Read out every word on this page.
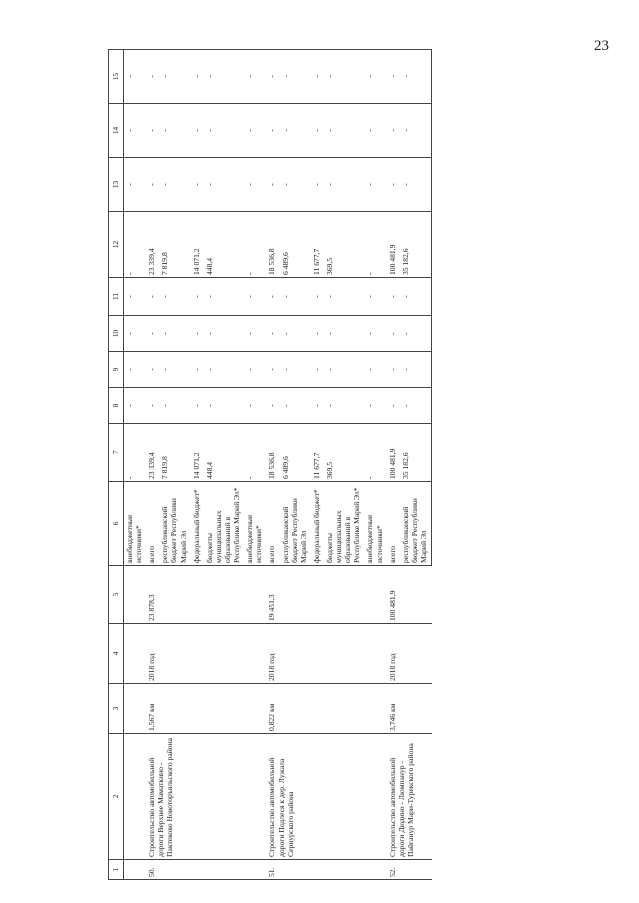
23
1	2	3	4	5	6	7	8	9	10	11	12	13	14	15
					внебюджетные источники*	-	-	-	-	-	-	-	-	-
50.	Строительство автомобильной дороги Верхнее Маматкино - Пактеково Новоторъяльского района	1,567 км	2018 год	23 878,3	всего	23 339,4	-	-	-	-	23 339,4	-	-	-
					республиканский бюджет Республики Марий Эл	7 819,8	-	-	-	-	7 819,8	-	-	-
					федеральный бюджет*	14 071,2	-	-	-	-	14 071,2	-	-	-
					бюджеты муниципальных образований в Республике Марий Эл*	448,4	-	-	-	-	448,4	-	-	-
					внебюджетные источники*	-	-	-	-	-	-	-	-	-
51.	Строительство автомобильной дороги Подлеся к дер. Лужала Сернурского района	0,822 км	2018 год	19 451,3	всего	18 536,8	-	-	-	-	18 536,8	-	-	-
					республиканский бюджет Республики Марий Эл	6 489,6	-	-	-	-	6 489,6	-	-	-
					федеральный бюджет*	11 677,7	-	-	-	-	11 677,7	-	-	-
					бюджеты муниципальных образований в Республике Марий Эл*	369,5	-	-	-	-	369,5	-	-	-
					внебюджетные источники*	-	-	-	-	-	-	-	-	-
52.	Строительство автомобильной дороги Дюдино - Люмпанур - Пайганур Мари-Турекского района	3,746 км	2018 год	100 481,9	всего	100 481,9	-	-	-	-	100 481,9	-	-	-
					республиканский бюджет Республики Марий Эл	35 182,6	-	-	-	-	35 182,6	-	-	-
